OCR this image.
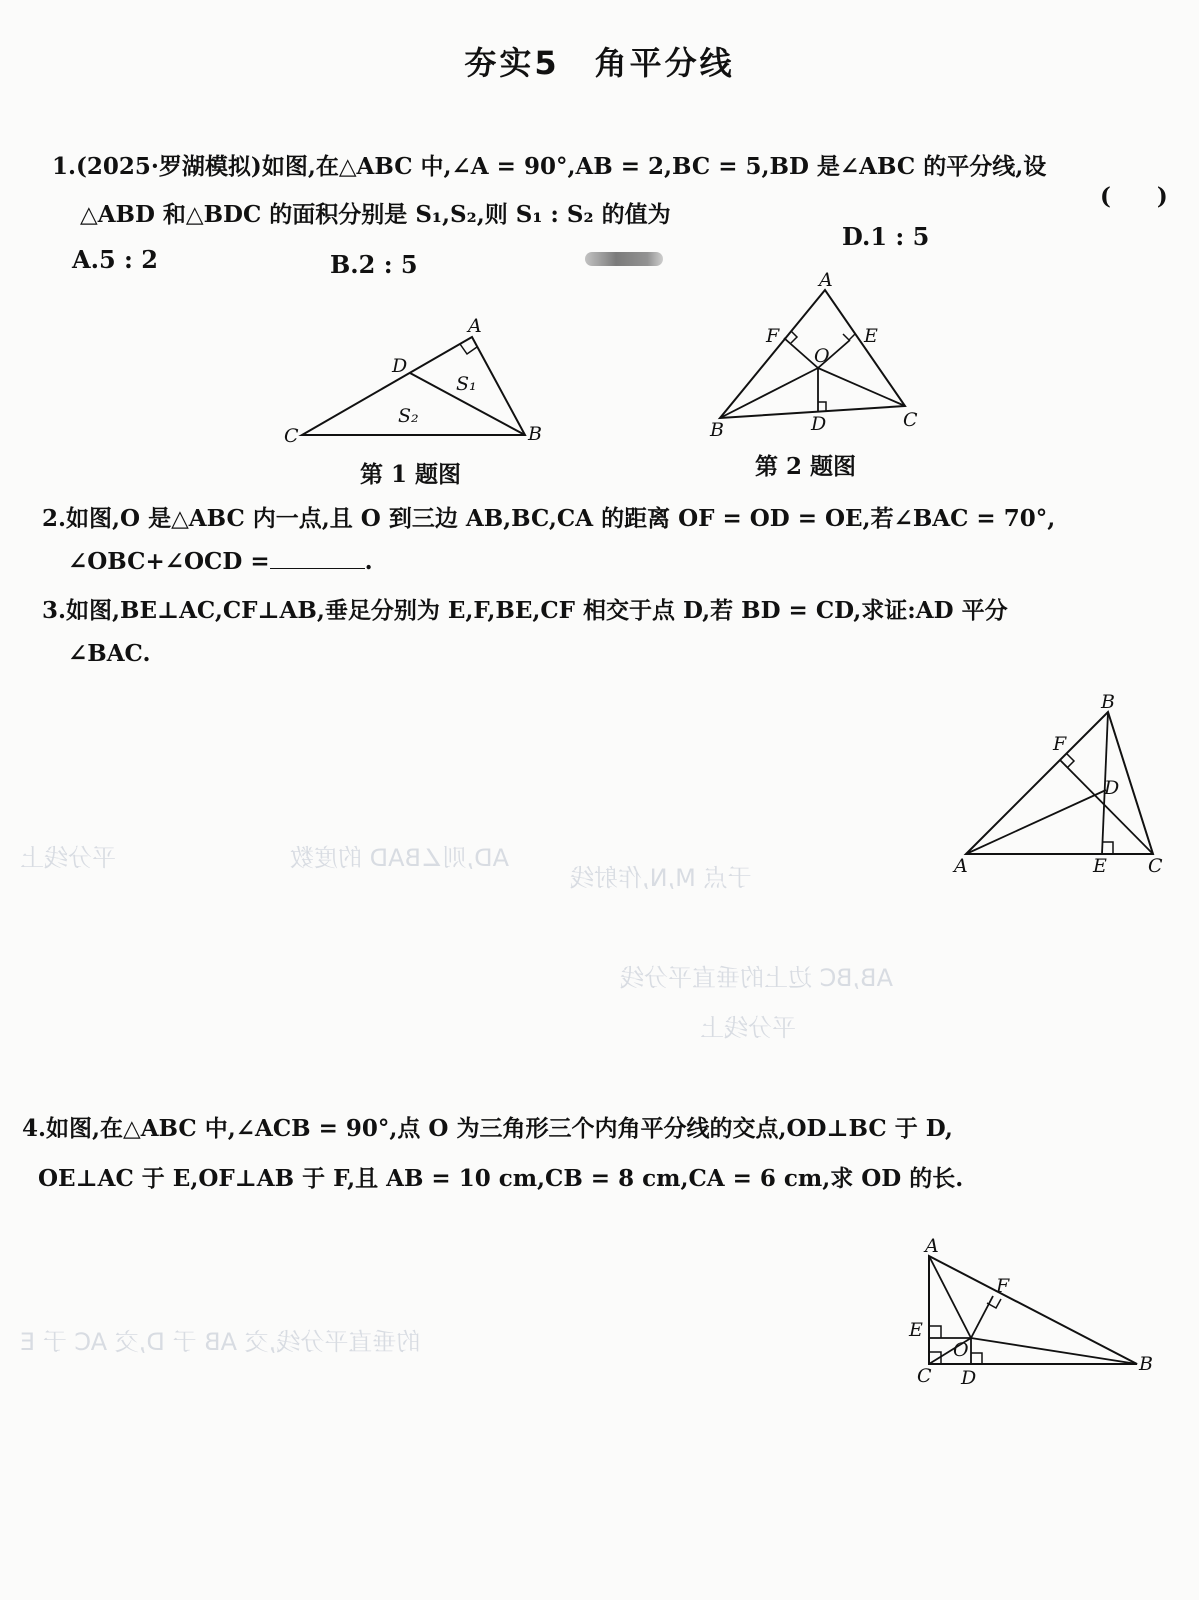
夯实5　角平分线
1.(2025·罗湖模拟)如图,在△ABC 中,∠A = 90°,AB = 2,BC = 5,BD 是∠ABC 的平分线,设
(　　)
△ABD 和△BDC 的面积分别是 S₁,S₂,则 S₁ : S₂ 的值为
A.5 : 2	B.2 : 5
D.1 : 5
A
B
C
D
S₁
S₂
第 1 题图
A
B	C
D
E
F
O
第 2 题图
2.如图,O 是△ABC 内一点,且 O 到三边 AB,BC,CA 的距离 OF = OD = OE,若∠BAC = 70°,
∠OBC+∠OCD =	.
3.如图,BE⊥AC,CF⊥AB,垂足分别为 E,F,BE,CF 相交于点 D,若 BD = CD,求证:AD 平分
∠BAC.
B
F
D
A	E C
平分线上	AD,则∠BAD 的度数
于点 M,N,作射线
AB,BC 边上的垂直平分线
平分线上
4.如图,在△ABC 中,∠ACB = 90°,点 O 为三角形三个内角平分线的交点,OD⊥BC 于 D,
OE⊥AC 于 E,OF⊥AB 于 F,且 AB = 10 cm,CB = 8 cm,CA = 6 cm,求 OD 的长.
A
E
F
O
C D
B
的垂直平分线,交 AB 于 D,交 AC 于 E
